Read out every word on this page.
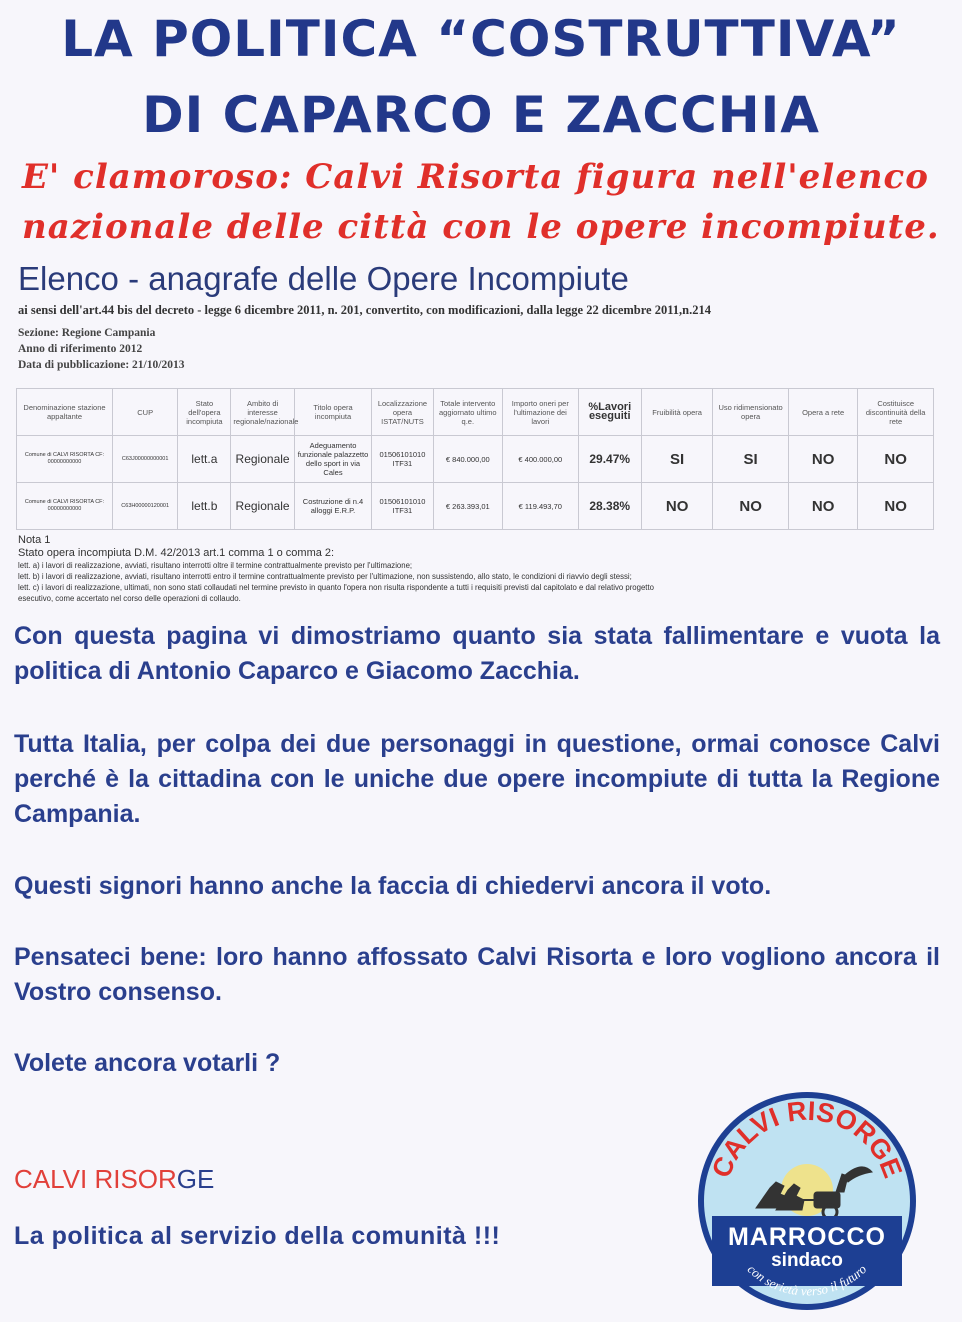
LA POLITICA “COSTRUTTIVA”
DI CAPARCO E ZACCHIA
E' clamoroso: Calvi Risorta figura nell'elenco
nazionale delle città con le opere incompiute.
Elenco - anagrafe delle Opere Incompiute
ai sensi dell'art.44 bis del decreto - legge 6 dicembre 2011, n. 201, convertito, con modificazioni, dalla legge 22 dicembre 2011,n.214
Sezione: Regione Campania
Anno di riferimento 2012
Data di pubblicazione: 21/10/2013
Denominazione stazione appaltante	CUP	Stato dell'opera incompiuta	Ambito di interesse regionale/nazionale	Titolo opera incompiuta	Localizzazione opera ISTAT/NUTS	Totale intervento aggiornato ultimo q.e.	Importo oneri per l'ultimazione dei lavori	%Lavori eseguiti	Fruibilità opera	Uso ridimensionato opera	Opera a rete	Costituisce discontinuità della rete
Comune di CALVI RISORTA CF: 00000000000	C63J00000000001	lett.a	Regionale	Adeguamento funzionale palazzetto dello sport in via Cales	01506101010 ITF31	€ 840.000,00	€ 400.000,00	29.47%	SI	SI	NO	NO
Comune di CALVI RISORTA CF: 00000000000	C63H00000120001	lett.b	Regionale	Costruzione di n.4 alloggi E.R.P.	01506101010 ITF31	€ 263.393,01	€ 119.493,70	28.38%	NO	NO	NO	NO
Nota 1
Stato opera incompiuta D.M. 42/2013 art.1 comma 1 o comma 2:
lett. a) i lavori di realizzazione, avviati, risultano interrotti oltre il termine contrattualmente previsto per l'ultimazione;
lett. b) i lavori di realizzazione, avviati, risultano interrotti entro il termine contrattualmente previsto per l'ultimazione, non sussistendo, allo stato, le condizioni di riavvio degli stessi;
lett. c) i lavori di realizzazione, ultimati, non sono stati collaudati nel termine previsto in quanto l'opera non risulta rispondente a tutti i requisiti previsti dal capitolato e dal relativo progetto
esecutivo, come accertato nel corso delle operazioni di collaudo.

Con questa pagina vi dimostriamo quanto sia stata fallimentare e vuota la politica di Antonio Caparco e Giacomo Zacchia.

Tutta Italia, per colpa dei due personaggi in questione, ormai conosce Calvi perché è la cittadina con le uniche due opere incompiute di tutta la Regione Campania.

Questi signori hanno anche la faccia di chiedervi ancora il voto.

Pensateci bene: loro hanno affossato Calvi Risorta e loro vogliono ancora il Vostro consenso.

Volete ancora votarli ?

CALVI RISORGE
La politica al servizio della comunità !!!
CALVI RISORGE
MARROCCO
sindaco
con serietà verso il futuro
